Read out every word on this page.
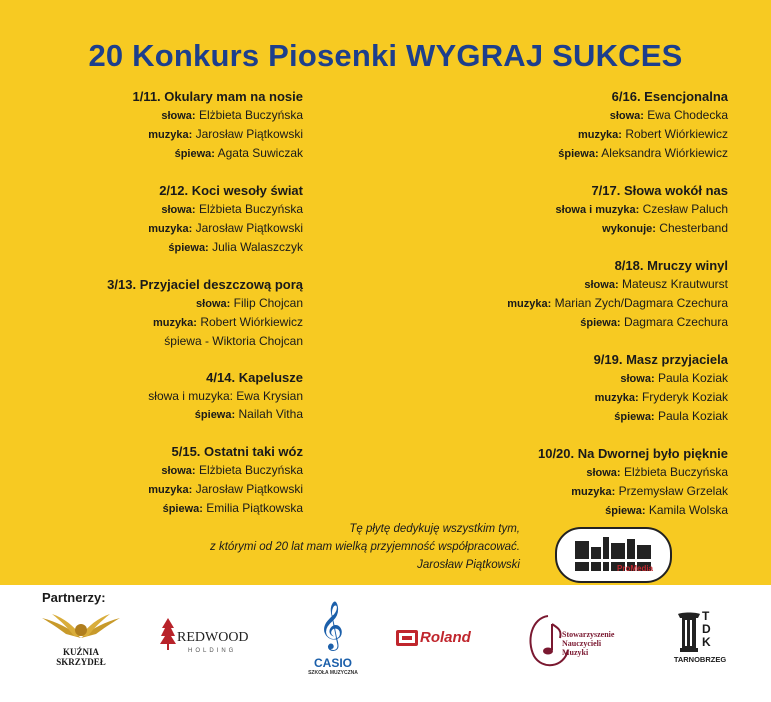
20 Konkurs Piosenki WYGRAJ SUKCES
1/11. Okulary mam na nosie
słowa: Elżbieta Buczyńska
muzyka: Jarosław Piątkowski
śpiewa: Agata Suwiczak
2/12. Koci wesoły świat
słowa: Elżbieta Buczyńska
muzyka: Jarosław Piątkowski
śpiewa: Julia Walaszczyk
3/13. Przyjaciel deszczową porą
słowa: Filip Chojcan
muzyka: Robert Wiórkiewicz
śpiewa - Wiktoria Chojcan
4/14. Kapelusze
słowa i muzyka: Ewa Krysian
śpiewa: Nailah Vitha
5/15. Ostatni taki wóz
słowa: Elżbieta Buczyńska
muzyka: Jarosław Piątkowski
śpiewa: Emilia Piątkowska
6/16. Esencjonalna
słowa: Ewa Chodecka
muzyka: Robert Wiórkiewicz
śpiewa: Aleksandra Wiórkiewicz
7/17. Słowa wokół nas
słowa i muzyka: Czesław Paluch
wykonuje: Chesterband
8/18. Mruczy winyl
słowa: Mateusz Krautwurst
muzyka: Marian Zych/Dagmara Czechura
śpiewa: Dagmara Czechura
9/19. Masz przyjaciela
słowa: Paula Koziak
muzyka: Fryderyk Koziak
śpiewa: Paula Koziak
10/20. Na Dwornej było pięknie
słowa: Elżbieta Buczyńska
muzyka: Przemysław Grzelak
śpiewa: Kamila Wolska
Tę płytę dedykuję wszystkim tym,
z którymi od 20 lat mam wielką przyjemność współpracować.
Jarosław Piątkowski	ProMedia
Partnerzy:
KUŹNIA SKRZYDEŁ
REDWOOD
HOLDING
𝄞
CASIO
SZKOŁA MUZYCZNA
Roland	Stowarzyszenie
Nauczycieli
Muzyki
TDK
TARNOBRZEG
